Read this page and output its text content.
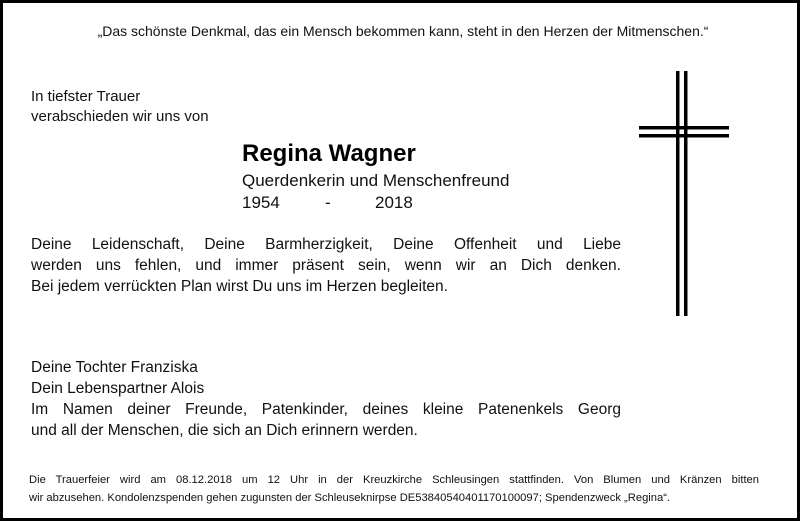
„Das schönste Denkmal, das ein Mensch bekommen kann, steht in den Herzen der Mitmenschen.“
In tiefster Trauer
verabschieden wir uns von
Regina Wagner
Querdenkerin und Menschenfreund
1954	-	2018
Deine Leidenschaft, Deine Barmherzigkeit, Deine Offenheit und Liebe
werden uns fehlen, und immer präsent sein, wenn wir an Dich denken.
Bei jedem verrückten Plan wirst Du uns im Herzen begleiten.
Deine Tochter Franziska
Dein Lebenspartner Alois
Im Namen deiner Freunde, Patenkinder, deines kleine Patenenkels Georg
und all der Menschen, die sich an Dich erinnern werden.
Die Trauerfeier wird am 08.12.2018 um 12 Uhr in der Kreuzkirche Schleusingen stattfinden. Von Blumen und Kränzen bitten
wir abzusehen. Kondolenzspenden gehen zugunsten der Schleuseknirpse DE53840540401170100097; Spendenzweck „Regina“.
